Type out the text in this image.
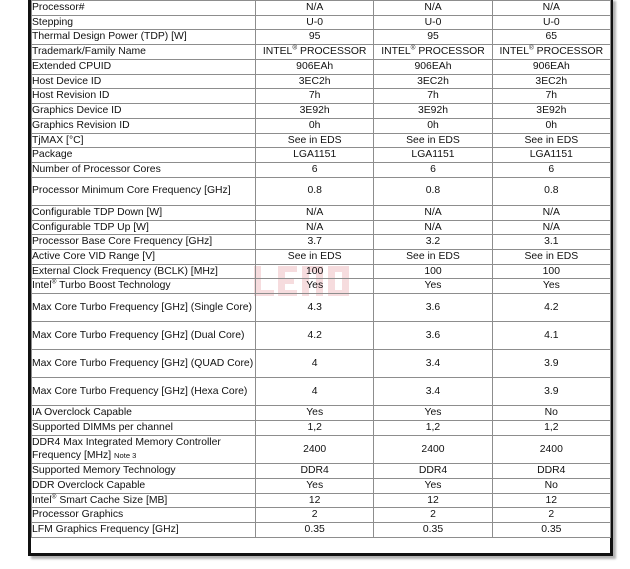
Processor#	N/A	N/A	N/A
Stepping	U-0	U-0	U-0
Thermal Design Power (TDP) [W]	95	95	65
Trademark/Family Name	INTEL® PROCESSOR	INTEL® PROCESSOR	INTEL® PROCESSOR
Extended CPUID	906EAh	906EAh	906EAh
Host Device ID	3EC2h	3EC2h	3EC2h
Host Revision ID	7h	7h	7h
Graphics Device ID	3E92h	3E92h	3E92h
Graphics Revision ID	0h	0h	0h
TjMAX [°C]	See in EDS	See in EDS	See in EDS
Package	LGA1151	LGA1151	LGA1151
Number of Processor Cores	6	6	6
Processor Minimum Core Frequency [GHz]	0.8	0.8	0.8
Configurable TDP Down [W]	N/A	N/A	N/A
Configurable TDP Up [W]	N/A	N/A	N/A
Processor Base Core Frequency [GHz]	3.7	3.2	3.1
Active Core VID Range [V]	See in EDS	See in EDS	See in EDS
External Clock Frequency (BCLK) [MHz]	100	100	100
Intel® Turbo Boost Technology	Yes	Yes	Yes
Max Core Turbo Frequency [GHz] (Single Core)	4.3	3.6	4.2
Max Core Turbo Frequency [GHz] (Dual Core)	4.2	3.6	4.1
Max Core Turbo Frequency [GHz] (QUAD Core)	4	3.4	3.9
Max Core Turbo Frequency [GHz] (Hexa Core)	4	3.4	3.9
IA Overclock Capable	Yes	Yes	No
Supported DIMMs per channel	1,2	1,2	1,2
DDR4 Max Integrated Memory Controller Frequency [MHz] Note 3	2400	2400	2400
Supported Memory Technology	DDR4	DDR4	DDR4
DDR Overclock Capable	Yes	Yes	No
Intel® Smart Cache Size [MB]	12	12	12
Processor Graphics	2	2	2
LFM Graphics Frequency [GHz]	0.35	0.35	0.35
